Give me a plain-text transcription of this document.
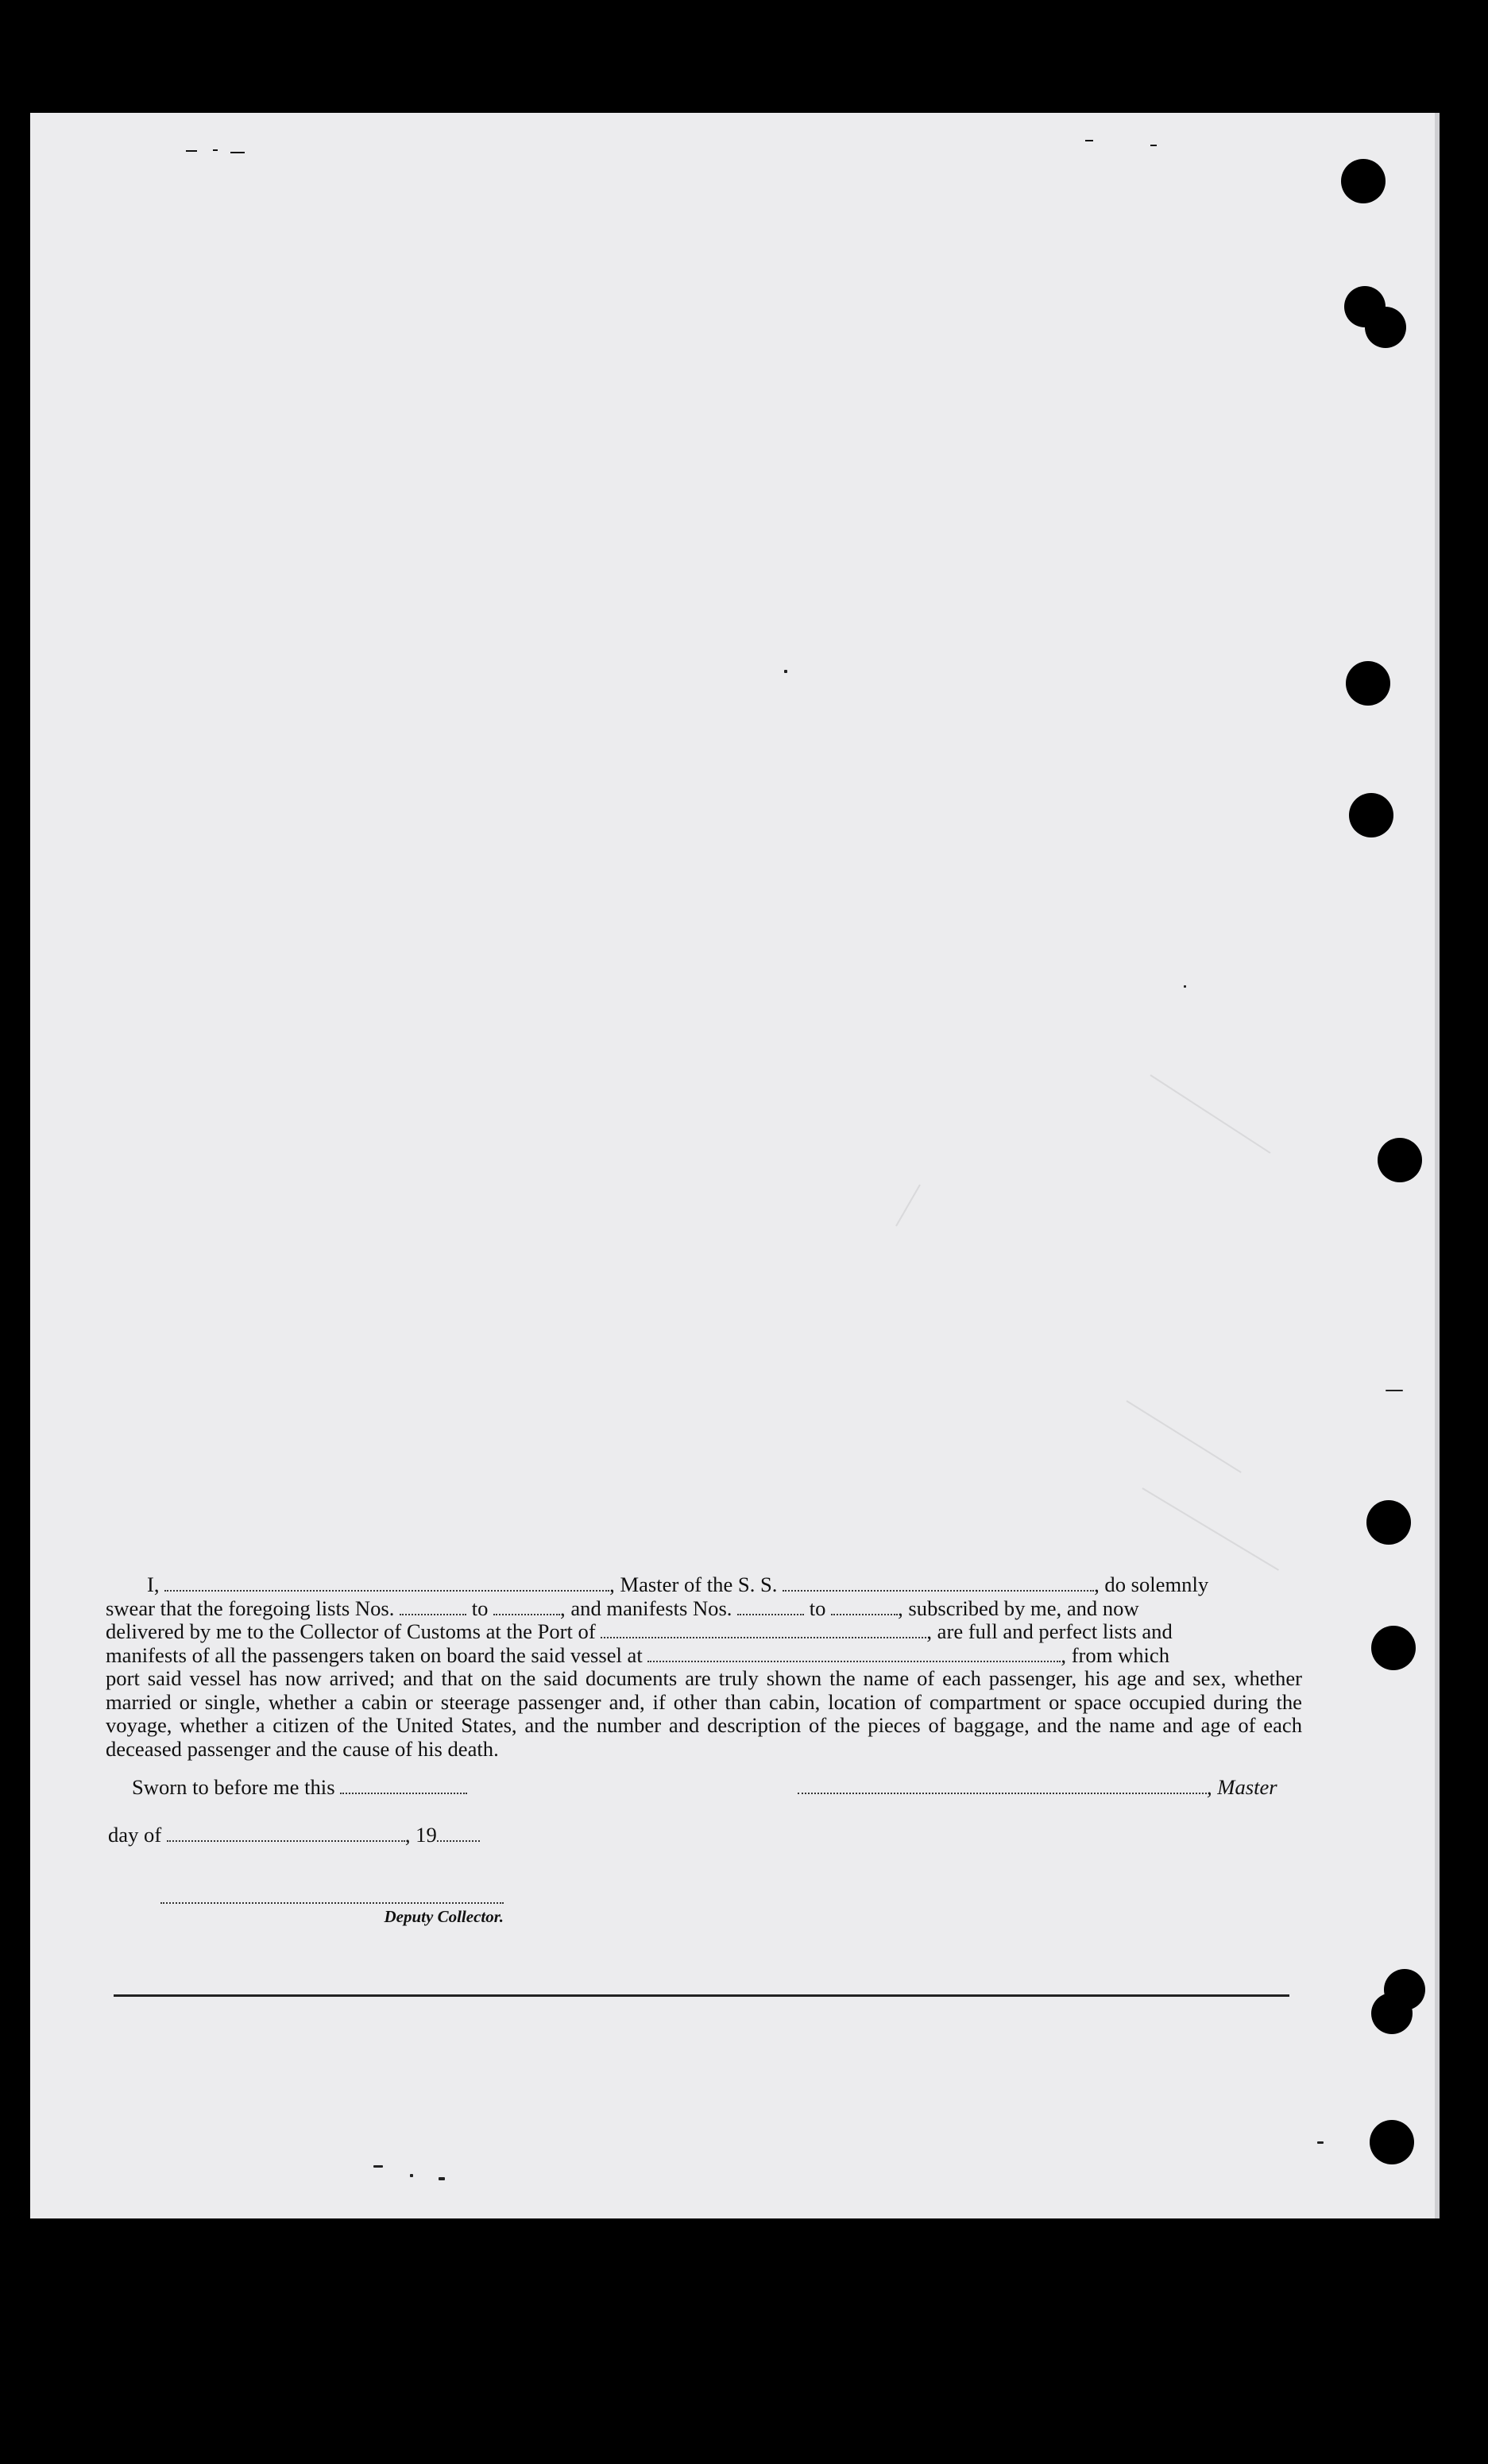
I,	, Master of the S. S.	, do solemnly

swear that the foregoing lists Nos.	to	, and manifests Nos.	to	, subscribed by me, and now

delivered by me to the Collector of Customs at the Port of	, are full and perfect lists and

manifests of all the passengers taken on board the said vessel at	, from which

port said vessel has now arrived; and that on the said documents are truly shown the name of each passenger, his age and sex, whether married or single, whether a cabin or steerage passenger and, if other than cabin, location of compartment or space occupied during the voyage, whether a citizen of the United States, and the number and description of the pieces of baggage, and the name and age of each deceased passenger and the cause of his death.

Sworn to before me this	, Master
day of	, 19
Deputy Collector.
